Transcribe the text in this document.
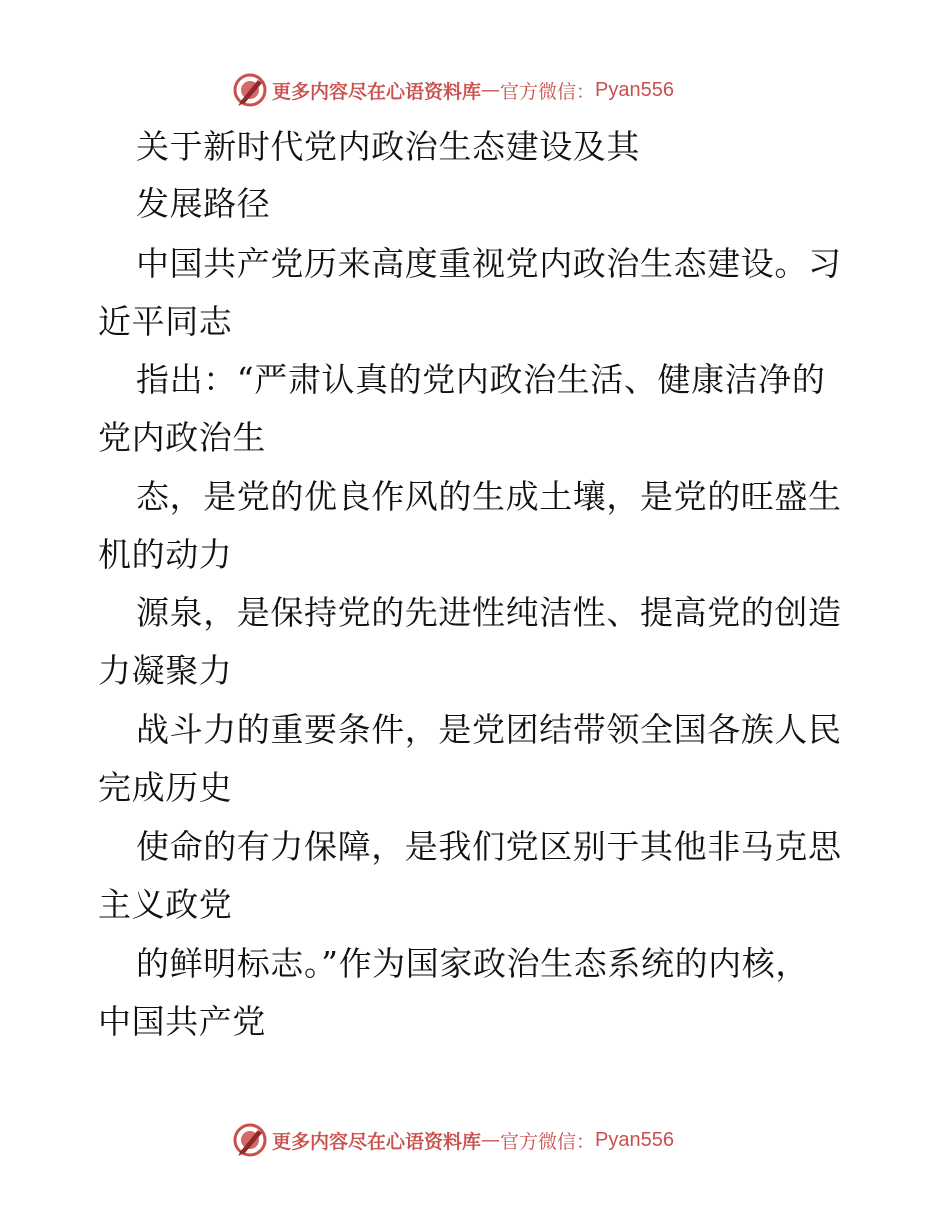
更多内容尽在心语资料库 — 官方微信： Pyan556
关于新时代党内政治生态建设及其
发展路径
中国共产党历来高度重视党内政治生态建设。习
近平同志
指出：“严肃认真的党内政治生活、健康洁净的
党内政治生
态，是党的优良作风的生成土壤，是党的旺盛生
机的动力
源泉，是保持党的先进性纯洁性、提高党的创造
力凝聚力
战斗力的重要条件，是党团结带领全国各族人民
完成历史
使命的有力保障，是我们党区别于其他非马克思
主义政党
的鲜明标志。”作为国家政治生态系统的内核，
中国共产党
更多内容尽在心语资料库 — 官方微信： Pyan556
